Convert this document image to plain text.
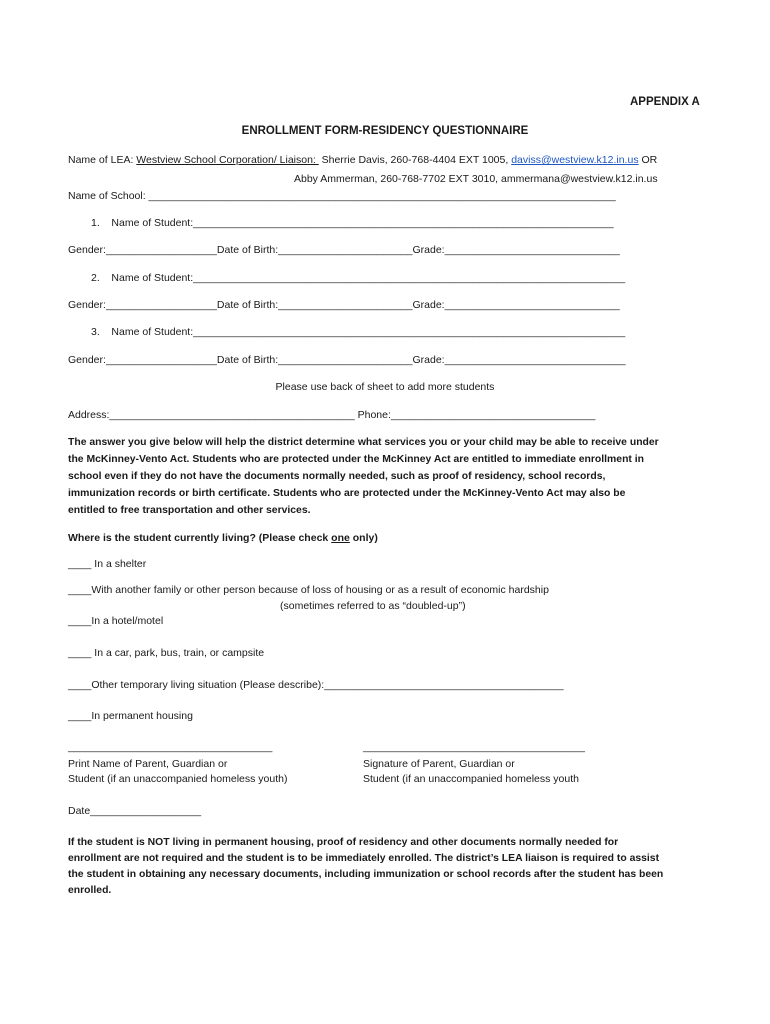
APPENDIX A
ENROLLMENT FORM-RESIDENCY QUESTIONNAIRE
Name of LEA: Westview School Corporation/ Liaison:  Sherrie Davis, 260-768-4404 EXT 1005, daviss@westview.k12.in.us OR
Abby Ammerman, 260-768-7702 EXT 3010, ammermana@westview.k12.in.us
Name of School: ________________________________________________________________________________
1.    Name of Student:________________________________________________________________________
Gender:___________________Date of Birth:_______________________Grade:______________________________
2.    Name of Student:__________________________________________________________________________
Gender:___________________Date of Birth:_______________________Grade:______________________________
3.    Name of Student:__________________________________________________________________________
Gender:___________________Date of Birth:_______________________Grade:_______________________________
Please use back of sheet to add more students
Address:__________________________________________ Phone:___________________________________
The answer you give below will help the district determine what services you or your child may be able to receive under
the McKinney-Vento Act. Students who are protected under the McKinney Act are entitled to immediate enrollment in
school even if they do not have the documents normally needed, such as proof of residency, school records,
immunization records or birth certificate. Students who are protected under the McKinney-Vento Act may also be
entitled to free transportation and other services.
Where is the student currently living? (Please check one only)
____ In a shelter
____With another family or other person because of loss of housing or as a result of economic hardship
(sometimes referred to as “doubled-up”)
____In a hotel/motel
____ In a car, park, bus, train, or campsite
____Other temporary living situation (Please describe):_________________________________________
____In permanent housing
___________________________________	______________________________________
Print Name of Parent, Guardian or
Student (if an unaccompanied homeless youth)
Signature of Parent, Guardian or
Student (if an unaccompanied homeless youth
Date___________________
If the student is NOT living in permanent housing, proof of residency and other documents normally needed for
enrollment are not required and the student is to be immediately enrolled. The district’s LEA liaison is required to assist
the student in obtaining any necessary documents, including immunization or school records after the student has been
enrolled.
